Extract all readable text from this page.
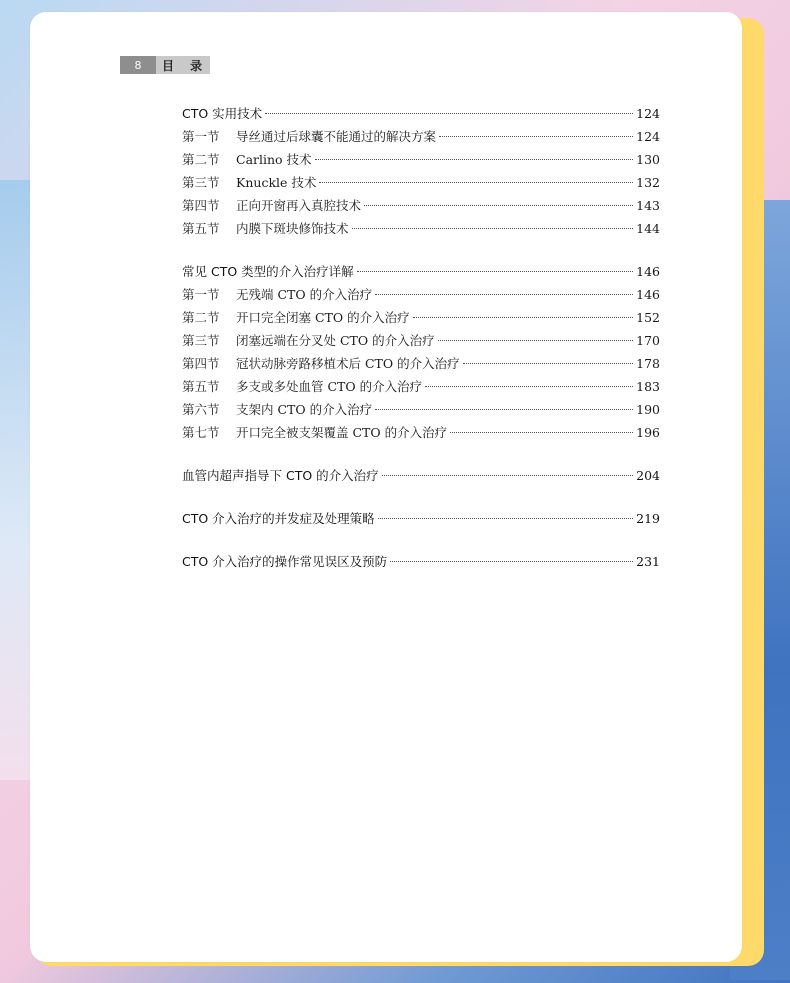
8	目 录
CTO 实用技术	124
第一节	导丝通过后球囊不能通过的解决方案	124
第二节	Carlino 技术	130
第三节	Knuckle 技术	132
第四节	正向开窗再入真腔技术	143
第五节	内膜下斑块修饰技术	144
常见 CTO 类型的介入治疗详解	146
第一节	无残端 CTO 的介入治疗	146
第二节	开口完全闭塞 CTO 的介入治疗	152
第三节	闭塞远端在分叉处 CTO 的介入治疗	170
第四节	冠状动脉旁路移植术后 CTO 的介入治疗	178
第五节	多支或多处血管 CTO 的介入治疗	183
第六节	支架内 CTO 的介入治疗	190
第七节	开口完全被支架覆盖 CTO 的介入治疗	196
血管内超声指导下 CTO 的介入治疗	204
CTO 介入治疗的并发症及处理策略	219
CTO 介入治疗的操作常见误区及预防	231
